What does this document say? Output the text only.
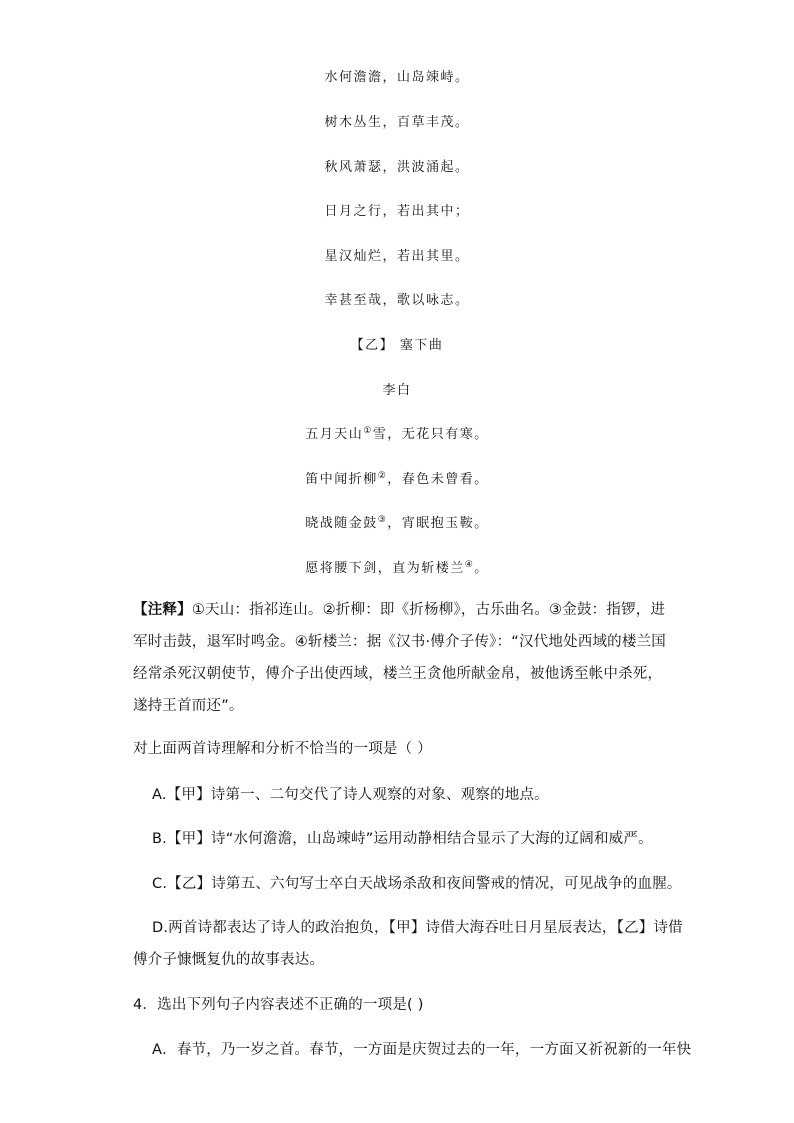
水何澹澹，山岛竦峙。
树木丛生，百草丰茂。
秋风萧瑟，洪波涌起。
日月之行，若出其中；
星汉灿烂，若出其里。
幸甚至哉，歌以咏志。
【乙】 塞下曲
李白
五月天山①雪，无花只有寒。
笛中闻折柳②，春色未曾看。
晓战随金鼓③，宵眠抱玉鞍。
愿将腰下剑，直为斩楼兰④。
【注释】①天山：指祁连山。②折柳：即《折杨柳》，古乐曲名。③金鼓：指锣，进军时击鼓，退军时鸣金。④斩楼兰：据《汉书·傅介子传》：“汉代地处西域的楼兰国经常杀死汉朝使节，傅介子出使西域，楼兰王贪他所献金帛，被他诱至帐中杀死，遂持王首而还”。
对上面两首诗理解和分析不恰当的一项是（ ）
A.【甲】诗第一、二句交代了诗人观察的对象、观察的地点。
B.【甲】诗“水何澹澹，山岛竦峙”运用动静相结合显示了大海的辽阔和威严。
C.【乙】诗第五、六句写士卒白天战场杀敌和夜间警戒的情况，可见战争的血腥。
D.两首诗都表达了诗人的政治抱负，【甲】诗借大海吞吐日月星辰表达，【乙】诗借
傅介子慷慨复仇的故事表达。
4．选出下列句子内容表述不正确的一项是( )
A．春节，乃一岁之首。春节，一方面是庆贺过去的一年，一方面又祈祝新的一年快
